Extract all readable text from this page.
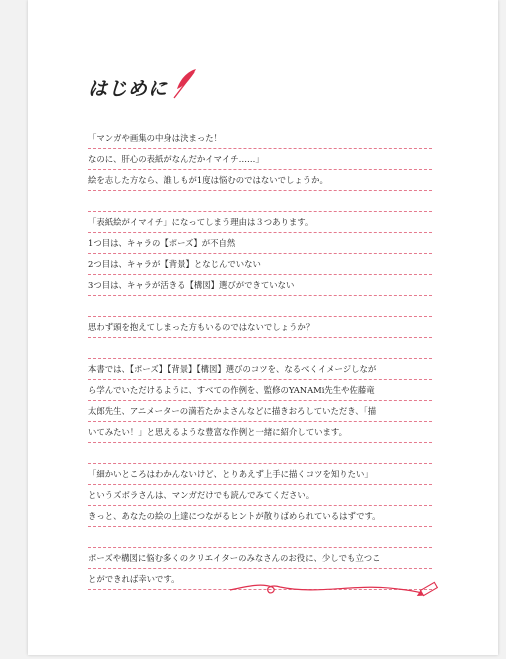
はじめに
「マンガや画集の中身は決まった！
なのに、肝心の表紙がなんだかイマイチ……」
絵を志した方なら、誰しもが1度は悩むのではないでしょうか。
「表紙絵がイマイチ」になってしまう理由は３つあります。
1つ目は、キャラの【ポーズ】が不自然
2つ目は、キャラが【背景】となじんでいない
3つ目は、キャラが活きる【構図】選びができていない
思わず頭を抱えてしまった方もいるのではないでしょうか？
本書では、【ポーズ】【背景】【構図】選びのコツを、なるべくイメージしなが
ら学んでいただけるように、すべての作例を、監修のYANAMi先生や佐藤竜
太郎先生、アニメーターの満若たかよさんなどに描きおろしていただき、「描
いてみたい！」と思えるような豊富な作例と一緒に紹介しています。
「細かいところはわかんないけど、とりあえず上手に描くコツを知りたい」
というズボラさんは、マンガだけでも読んでみてください。
きっと、あなたの絵の上達につながるヒントが散りばめられているはずです。
ポーズや構図に悩む多くのクリエイターのみなさんのお役に、少しでも立つこ
とができれば幸いです。
